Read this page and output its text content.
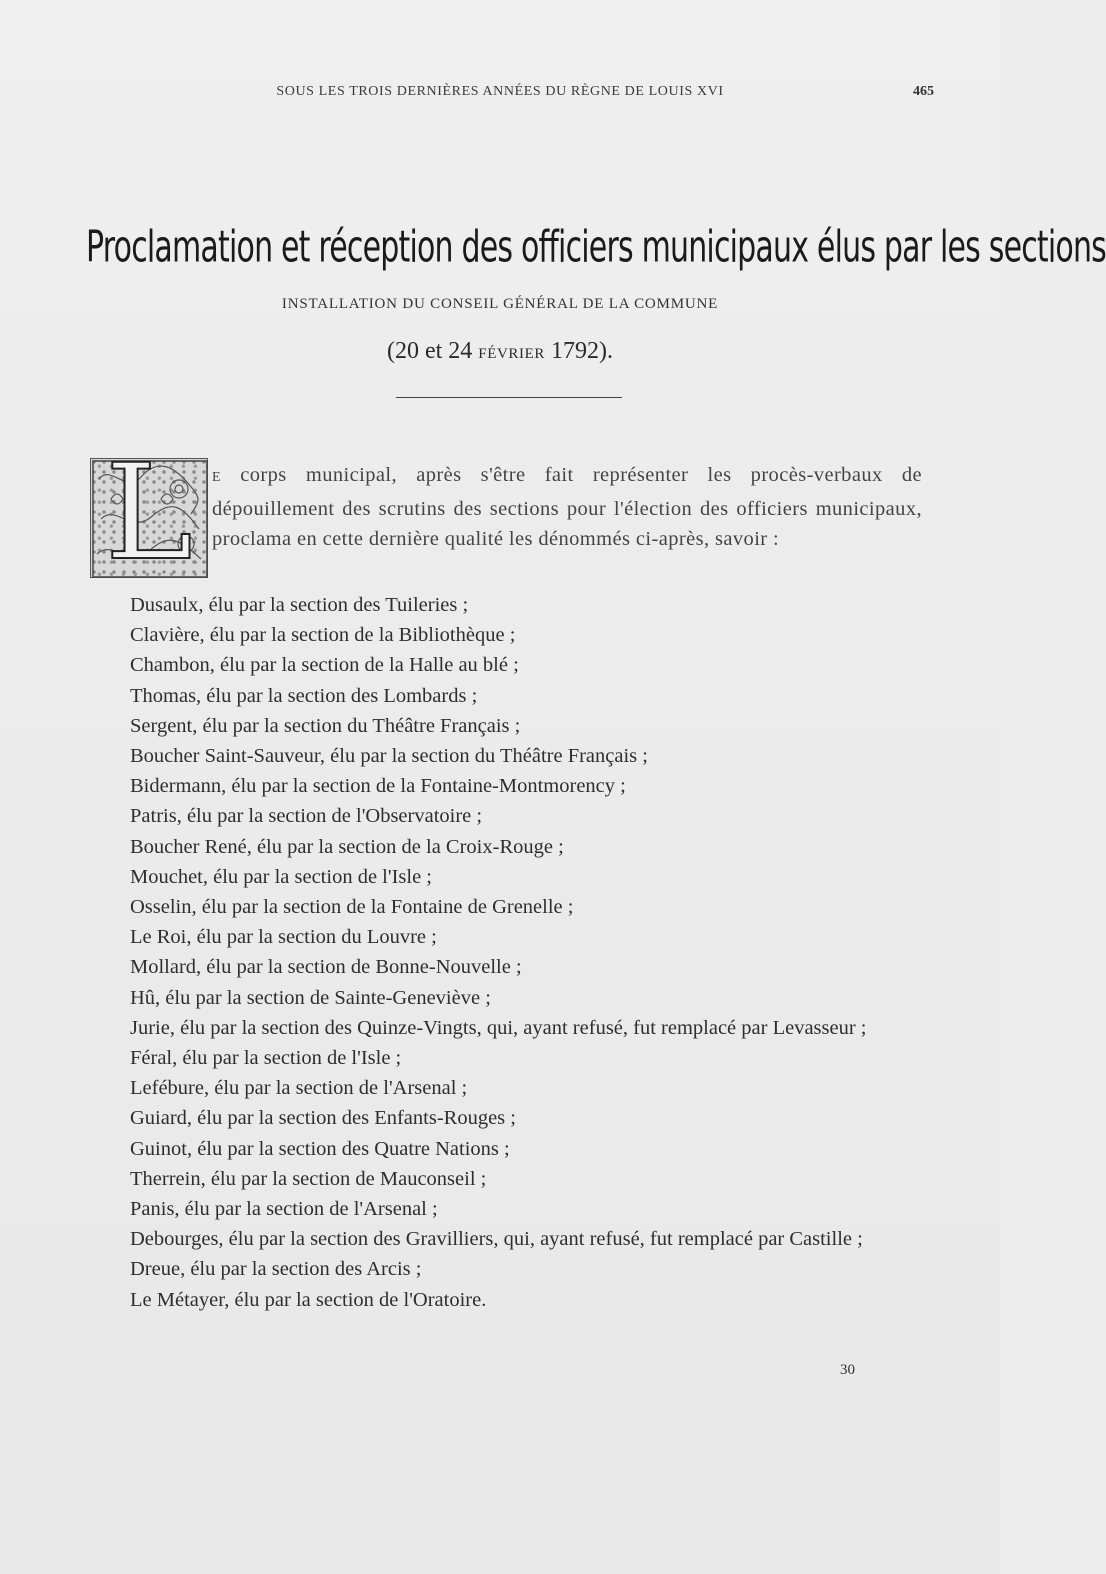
SOUS LES TROIS DERNIÈRES ANNÉES DU RÈGNE DE LOUIS XVI	465
Proclamation et réception des officiers municipaux élus par les sections
INSTALLATION DU CONSEIL GÉNÉRAL DE LA COMMUNE
(20 et 24 FÉVRIER 1792).
L E corps municipal, après s'être fait représenter les procès-verbaux de dépouillement des scrutins des sections pour l'élection des officiers municipaux, proclama en cette dernière qualité les dénommés ci-après, savoir :

Dusaulx, élu par la section des Tuileries ;

Clavière, élu par la section de la Bibliothèque ;

Chambon, élu par la section de la Halle au blé ;

Thomas, élu par la section des Lombards ;

Sergent, élu par la section du Théâtre Français ;

Boucher Saint-Sauveur, élu par la section du Théâtre Français ;

Bidermann, élu par la section de la Fontaine-Montmorency ;

Patris, élu par la section de l'Observatoire ;

Boucher René, élu par la section de la Croix-Rouge ;

Mouchet, élu par la section de l'Isle ;

Osselin, élu par la section de la Fontaine de Grenelle ;

Le Roi, élu par la section du Louvre ;

Mollard, élu par la section de Bonne-Nouvelle ;

Hû, élu par la section de Sainte-Geneviève ;

Jurie, élu par la section des Quinze-Vingts, qui, ayant refusé, fut remplacé par Levasseur ;

Féral, élu par la section de l'Isle ;

Lefébure, élu par la section de l'Arsenal ;

Guiard, élu par la section des Enfants-Rouges ;

Guinot, élu par la section des Quatre Nations ;

Therrein, élu par la section de Mauconseil ;

Panis, élu par la section de l'Arsenal ;

Debourges, élu par la section des Gravilliers, qui, ayant refusé, fut remplacé par Castille ;

Dreue, élu par la section des Arcis ;

Le Métayer, élu par la section de l'Oratoire.

30
